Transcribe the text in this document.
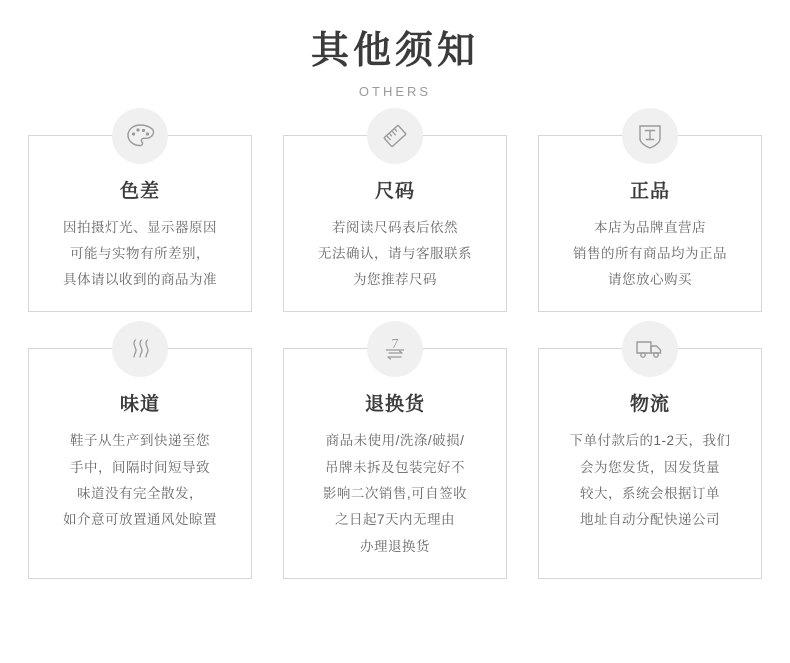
其他须知
OTHERS
色差
因拍摄灯光、显示器原因
可能与实物有所差别，
具体请以收到的商品为准
尺码
若阅读尺码表后依然
无法确认，请与客服联系
为您推荐尺码
正品
本店为品牌直营店
销售的所有商品均为正品
请您放心购买
味道
鞋子从生产到快递至您
手中，间隔时间短导致
味道没有完全散发，
如介意可放置通风处晾置
7
退换货
商品未使用/洗涤/破损/
吊牌未拆及包装完好不
影响二次销售,可自签收
之日起7天内无理由
办理退换货
物流
下单付款后的1-2天，我们
会为您发货，因发货量
较大，系统会根据订单
地址自动分配快递公司
